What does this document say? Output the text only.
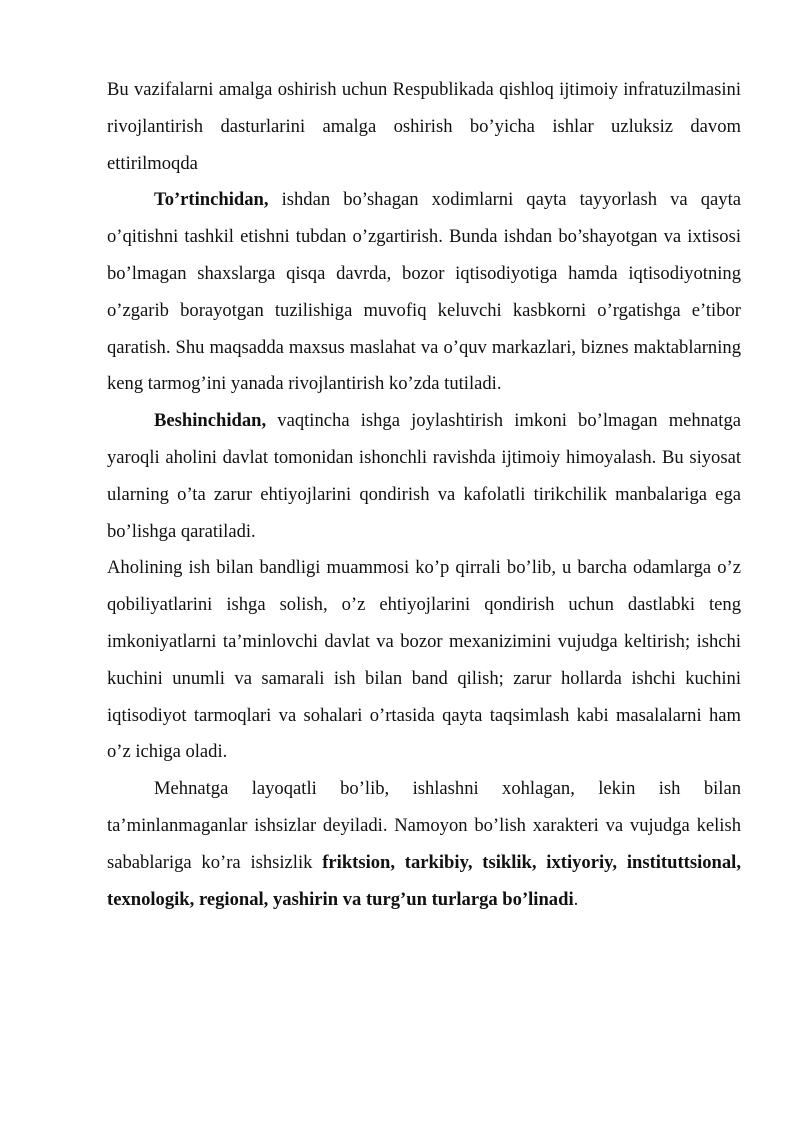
Bu vazifalarni amalga oshirish uchun Respublikada qishloq ijtimoiy infratuzilmasini rivojlantirish dasturlarini amalga oshirish bo’yicha ishlar uzluksiz davom ettirilmoqda

To’rtinchidan, ishdan bo’shagan xodimlarni qayta tayyorlash va qayta o’qitishni tashkil etishni tubdan o’zgartirish. Bunda ishdan bo’shayotgan va ixtisosi bo’lmagan shaxslarga qisqa davrda, bozor iqtisodiyotiga hamda iqtisodiyotning o’zgarib borayotgan tuzilishiga muvofiq keluvchi kasbkorni o’rgatishga e’tibor qaratish. Shu maqsadda maxsus maslahat va o’quv markazlari, biznes maktablarning keng tarmog’ini yanada rivojlantirish ko’zda tutiladi.

Beshinchidan, vaqtincha ishga joylashtirish imkoni bo’lmagan mehnatga yaroqli aholini davlat tomonidan ishonchli ravishda ijtimoiy himoyalash. Bu siyosat ularning o’ta zarur ehtiyojlarini qondirish va kafolatli tirikchilik manbalariga ega bo’lishga qaratiladi.

Aholining ish bilan bandligi muammosi ko’p qirrali bo’lib, u barcha odamlarga o’z qobiliyatlarini ishga solish, o’z ehtiyojlarini qondirish uchun dastlabki teng imkoniyatlarni ta’minlovchi davlat va bozor mexanizimini vujudga keltirish; ishchi kuchini unumli va samarali ish bilan band qilish; zarur hollarda ishchi kuchini iqtisodiyot tarmoqlari va sohalari o’rtasida qayta taqsimlash kabi masalalarni ham o’z ichiga oladi.

Mehnatga layoqatli bo’lib, ishlashni xohlagan, lekin ish bilan ta’minlanmaganlar ishsizlar deyiladi. Namoyon bo’lish xarakteri va vujudga kelish sabablariga ko’ra ishsizlik friktsion, tarkibiy, tsiklik, ixtiyoriy, instituttsional, texnologik, regional, yashirin va turg’un turlarga bo’linadi.
